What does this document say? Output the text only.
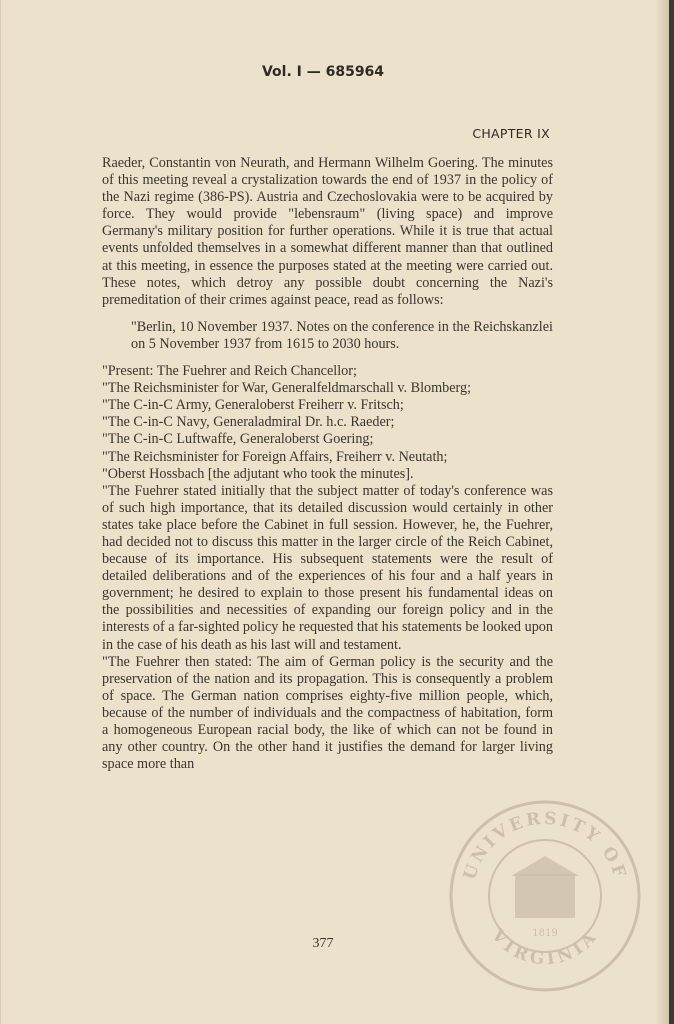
Vol. I — 685964
CHAPTER IX

Raeder, Constantin von Neurath, and Hermann Wilhelm Goering. The minutes of this meeting reveal a crystalization towards the end of 1937 in the policy of the Nazi regime (386-PS). Austria and Czechoslovakia were to be acquired by force. They would provide "lebensraum" (living space) and improve Germany's military position for further operations. While it is true that actual events unfolded themselves in a somewhat different manner than that outlined at this meeting, in essence the purposes stated at the meeting were carried out. These notes, which detroy any possible doubt concerning the Nazi's premeditation of their crimes against peace, read as follows:

"Berlin, 10 November 1937. Notes on the conference in the Reichskanzlei on 5 November 1937 from 1615 to 2030 hours.

"Present: The Fuehrer and Reich Chancellor;

"The Reichsminister for War, Generalfeldmarschall v. Blomberg;

"The C-in-C Army, Generaloberst Freiherr v. Fritsch;

"The C-in-C Navy, Generaladmiral Dr. h.c. Raeder;

"The C-in-C Luftwaffe, Generaloberst Goering;

"The Reichsminister for Foreign Affairs, Freiherr v. Neutath;

"Oberst Hossbach [the adjutant who took the minutes].

"The Fuehrer stated initially that the subject matter of today's conference was of such high importance, that its detailed discussion would certainly in other states take place before the Cabinet in full session. However, he, the Fuehrer, had decided not to discuss this matter in the larger circle of the Reich Cabinet, because of its importance. His subsequent statements were the result of detailed deliberations and of the experiences of his four and a half years in government; he desired to explain to those present his fundamental ideas on the possibilities and necessities of expanding our foreign policy and in the interests of a far-sighted policy he requested that his statements be looked upon in the case of his death as his last will and testament.

"The Fuehrer then stated: The aim of German policy is the security and the preservation of the nation and its propagation. This is consequently a problem of space. The German nation comprises eighty-five million people, which, because of the number of individuals and the compactness of habitation, form a homogeneous European racial body, the like of which can not be found in any other country. On the other hand it justifies the demand for larger living space more than

377
UNIVERSITY OF
VIRGINIA
1819
